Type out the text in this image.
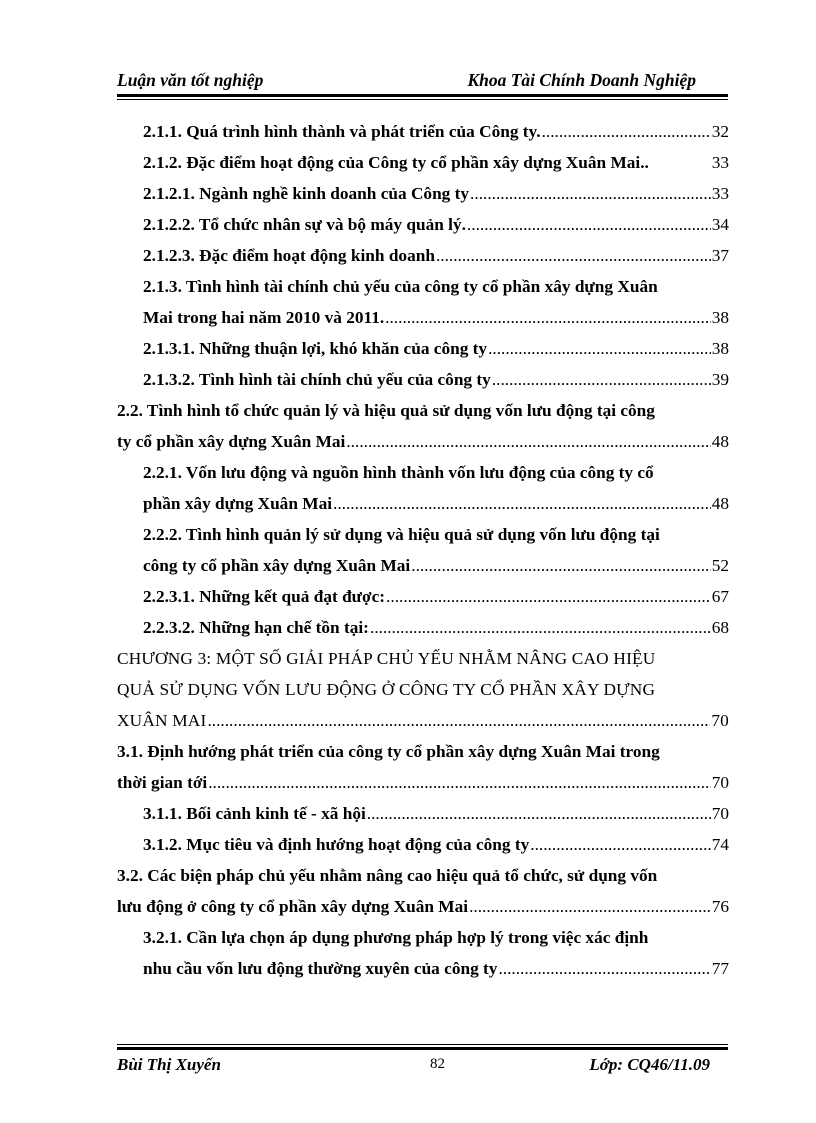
Luận văn tốt nghiệp	Khoa Tài Chính Doanh Nghiệp
2.1.1. Quá trình hình thành và phát triển của Công ty. .....	32
2.1.2. Đặc điểm hoạt động của Công ty cổ phần xây dựng Xuân Mai..	33
2.1.2.1. Ngành nghề kinh doanh của Công ty .....	33
2.1.2.2. Tổ chức nhân sự và bộ máy quản lý. .....	34
2.1.2.3. Đặc điểm hoạt động kinh doanh .....	37
2.1.3. Tình hình tài chính chủ yếu của công ty cổ phần xây dựng Xuân
Mai trong hai năm 2010 và 2011. .....	38
2.1.3.1. Những thuận lợi, khó khăn của công ty .....	38
2.1.3.2. Tình hình tài chính chủ yếu của công ty .....	39
2.2. Tình hình tổ chức quản lý và hiệu quả sử dụng vốn lưu động tại công
ty cổ phần xây dựng Xuân Mai .....	48
2.2.1. Vốn lưu động và nguồn hình thành vốn lưu động của công ty cổ
phần xây dựng Xuân Mai .....	48
2.2.2. Tình hình quản lý sử dụng và hiệu quả sử dụng vốn lưu động tại
công ty cổ phần xây dựng Xuân Mai .....	52
2.2.3.1. Những kết quả đạt được: .....	67
2.2.3.2. Những hạn chế tồn tại: .....	68
CHƯƠNG 3: MỘT SỐ GIẢI PHÁP CHỦ YẾU NHẰM NÂNG CAO HIỆU
QUẢ SỬ DỤNG VỐN LƯU ĐỘNG Ở CÔNG TY CỔ PHẦN XÂY DỰNG
XUÂN MAI .....	70
3.1. Định hướng phát triển của công ty cổ phần xây dựng Xuân Mai trong
thời gian tới .....	70
3.1.1. Bối cảnh kinh tế - xã hội .....	70
3.1.2. Mục tiêu và định hướng hoạt động của công ty .....	74
3.2. Các biện pháp chủ yếu nhằm nâng cao hiệu quả tổ chức, sử dụng vốn
lưu động ở công ty cổ phần xây dựng Xuân Mai .....	76
3.2.1. Cần lựa chọn áp dụng phương pháp hợp lý trong việc xác định
nhu cầu vốn lưu động thường xuyên của công ty .....	77
Bùi Thị Xuyến	82	Lớp: CQ46/11.09
